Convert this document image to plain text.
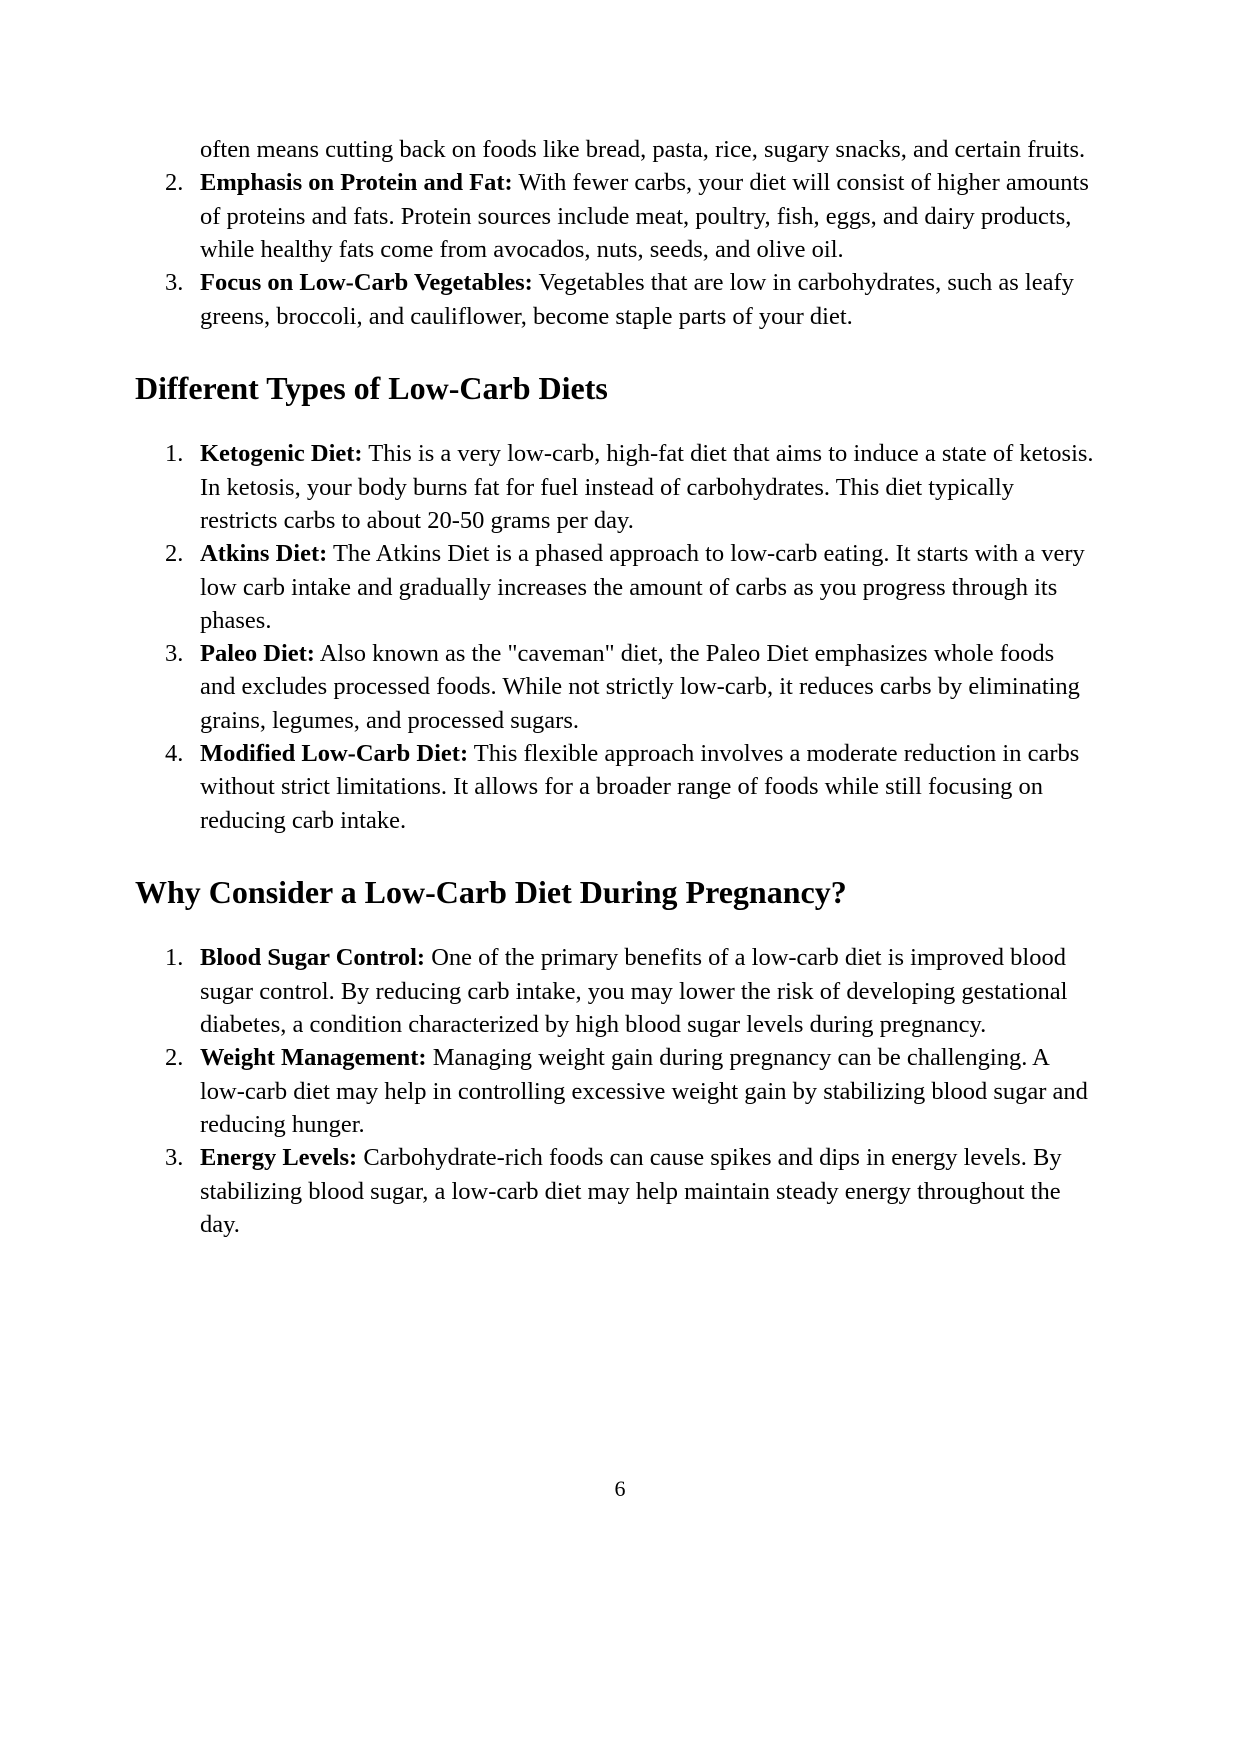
often means cutting back on foods like bread, pasta, rice, sugary snacks, and certain fruits.
2. Emphasis on Protein and Fat: With fewer carbs, your diet will consist of higher amounts of proteins and fats. Protein sources include meat, poultry, fish, eggs, and dairy products, while healthy fats come from avocados, nuts, seeds, and olive oil.
3. Focus on Low-Carb Vegetables: Vegetables that are low in carbohydrates, such as leafy greens, broccoli, and cauliflower, become staple parts of your diet.
Different Types of Low-Carb Diets
1. Ketogenic Diet: This is a very low-carb, high-fat diet that aims to induce a state of ketosis. In ketosis, your body burns fat for fuel instead of carbohydrates. This diet typically restricts carbs to about 20-50 grams per day.
2. Atkins Diet: The Atkins Diet is a phased approach to low-carb eating. It starts with a very low carb intake and gradually increases the amount of carbs as you progress through its phases.
3. Paleo Diet: Also known as the "caveman" diet, the Paleo Diet emphasizes whole foods and excludes processed foods. While not strictly low-carb, it reduces carbs by eliminating grains, legumes, and processed sugars.
4. Modified Low-Carb Diet: This flexible approach involves a moderate reduction in carbs without strict limitations. It allows for a broader range of foods while still focusing on reducing carb intake.
Why Consider a Low-Carb Diet During Pregnancy?
1. Blood Sugar Control: One of the primary benefits of a low-carb diet is improved blood sugar control. By reducing carb intake, you may lower the risk of developing gestational diabetes, a condition characterized by high blood sugar levels during pregnancy.
2. Weight Management: Managing weight gain during pregnancy can be challenging. A low-carb diet may help in controlling excessive weight gain by stabilizing blood sugar and reducing hunger.
3. Energy Levels: Carbohydrate-rich foods can cause spikes and dips in energy levels. By stabilizing blood sugar, a low-carb diet may help maintain steady energy throughout the day.
6
